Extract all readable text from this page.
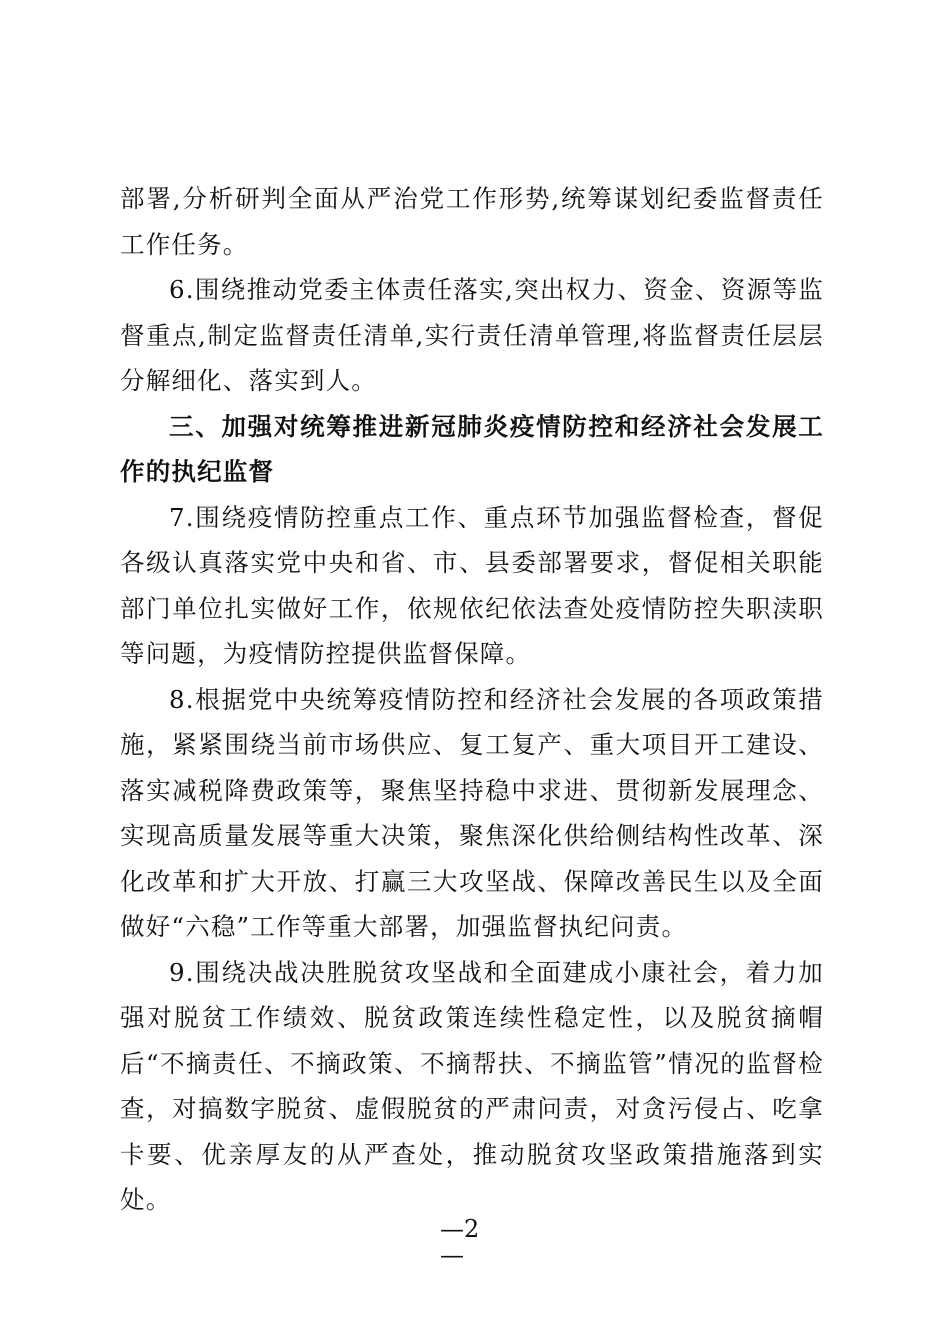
部署,分析研判全面从严治党工作形势,统筹谋划纪委监督责任工作任务。

6.围绕推动党委主体责任落实,突出权力、资金、资源等监督重点,制定监督责任清单,实行责任清单管理,将监督责任层层分解细化、落实到人。

三、加强对统筹推进新冠肺炎疫情防控和经济社会发展工作的执纪监督

7.围绕疫情防控重点工作、重点环节加强监督检查，督促各级认真落实党中央和省、市、县委部署要求，督促相关职能部门单位扎实做好工作，依规依纪依法查处疫情防控失职渎职等问题，为疫情防控提供监督保障。

8.根据党中央统筹疫情防控和经济社会发展的各项政策措施，紧紧围绕当前市场供应、复工复产、重大项目开工建设、落实减税降费政策等，聚焦坚持稳中求进、贯彻新发展理念、实现高质量发展等重大决策，聚焦深化供给侧结构性改革、深化改革和扩大开放、打赢三大攻坚战、保障改善民生以及全面做好“六稳”工作等重大部署，加强监督执纪问责。

9.围绕决战决胜脱贫攻坚战和全面建成小康社会，着力加强对脱贫工作绩效、脱贫政策连续性稳定性，以及脱贫摘帽后“不摘责任、不摘政策、不摘帮扶、不摘监管”情况的监督检查，对搞数字脱贫、虚假脱贫的严肃问责，对贪污侵占、吃拿卡要、优亲厚友的从严查处，推动脱贫攻坚政策措施落到实处。

—2
—
